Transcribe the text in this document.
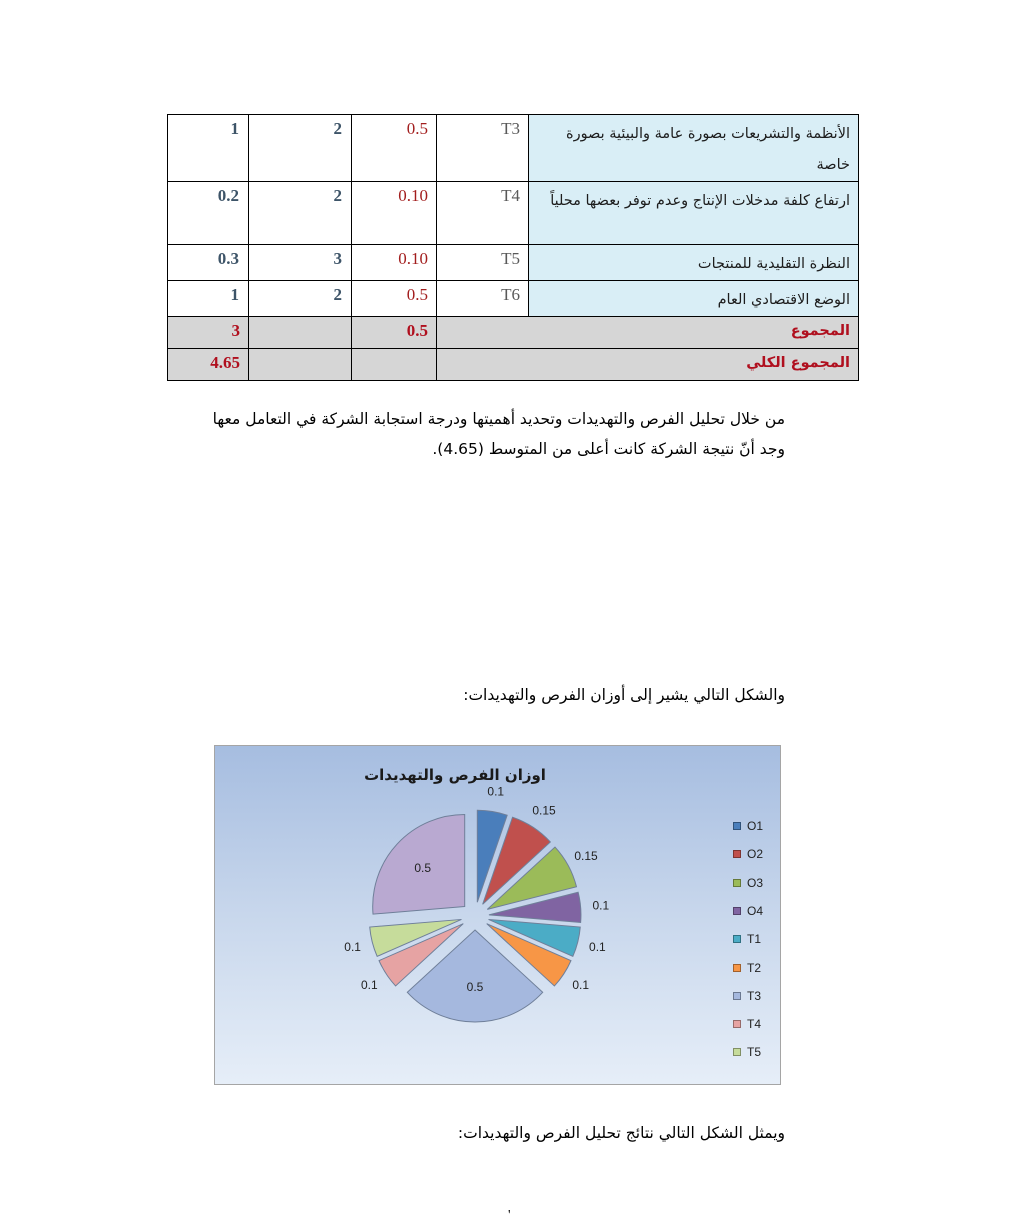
1	2	0.5	T3	الأنظمة والتشريعات بصورة عامة والبيئية بصورة خاصة
0.2	2	0.10	T4	ارتفاع كلفة مدخلات الإنتاج وعدم توفر بعضها محلياً
0.3	3	0.10	T5	النظرة التقليدية للمنتجات
1	2	0.5	T6	الوضع الاقتصادي العام
3		0.5	المجموع	
4.65			المجموع الكلي	
من خلال تحليل الفرص والتهديدات وتحديد أهميتها ودرجة استجابة الشركة في التعامل معها وجد أنّ نتيجة الشركة كانت أعلى من المتوسط (4.65).
والشكل التالي يشير إلى أوزان الفرص والتهديدات:
0.1
0.15
0.15
0.1
0.1
0.1
0.5
0.1
0.1
0.5
اوزان الفرص والتهديدات
O1
O2
O3
O4
T1
T2
T3
T4
T5
ويمثل الشكل التالي نتائج تحليل الفرص والتهديدات:
'
